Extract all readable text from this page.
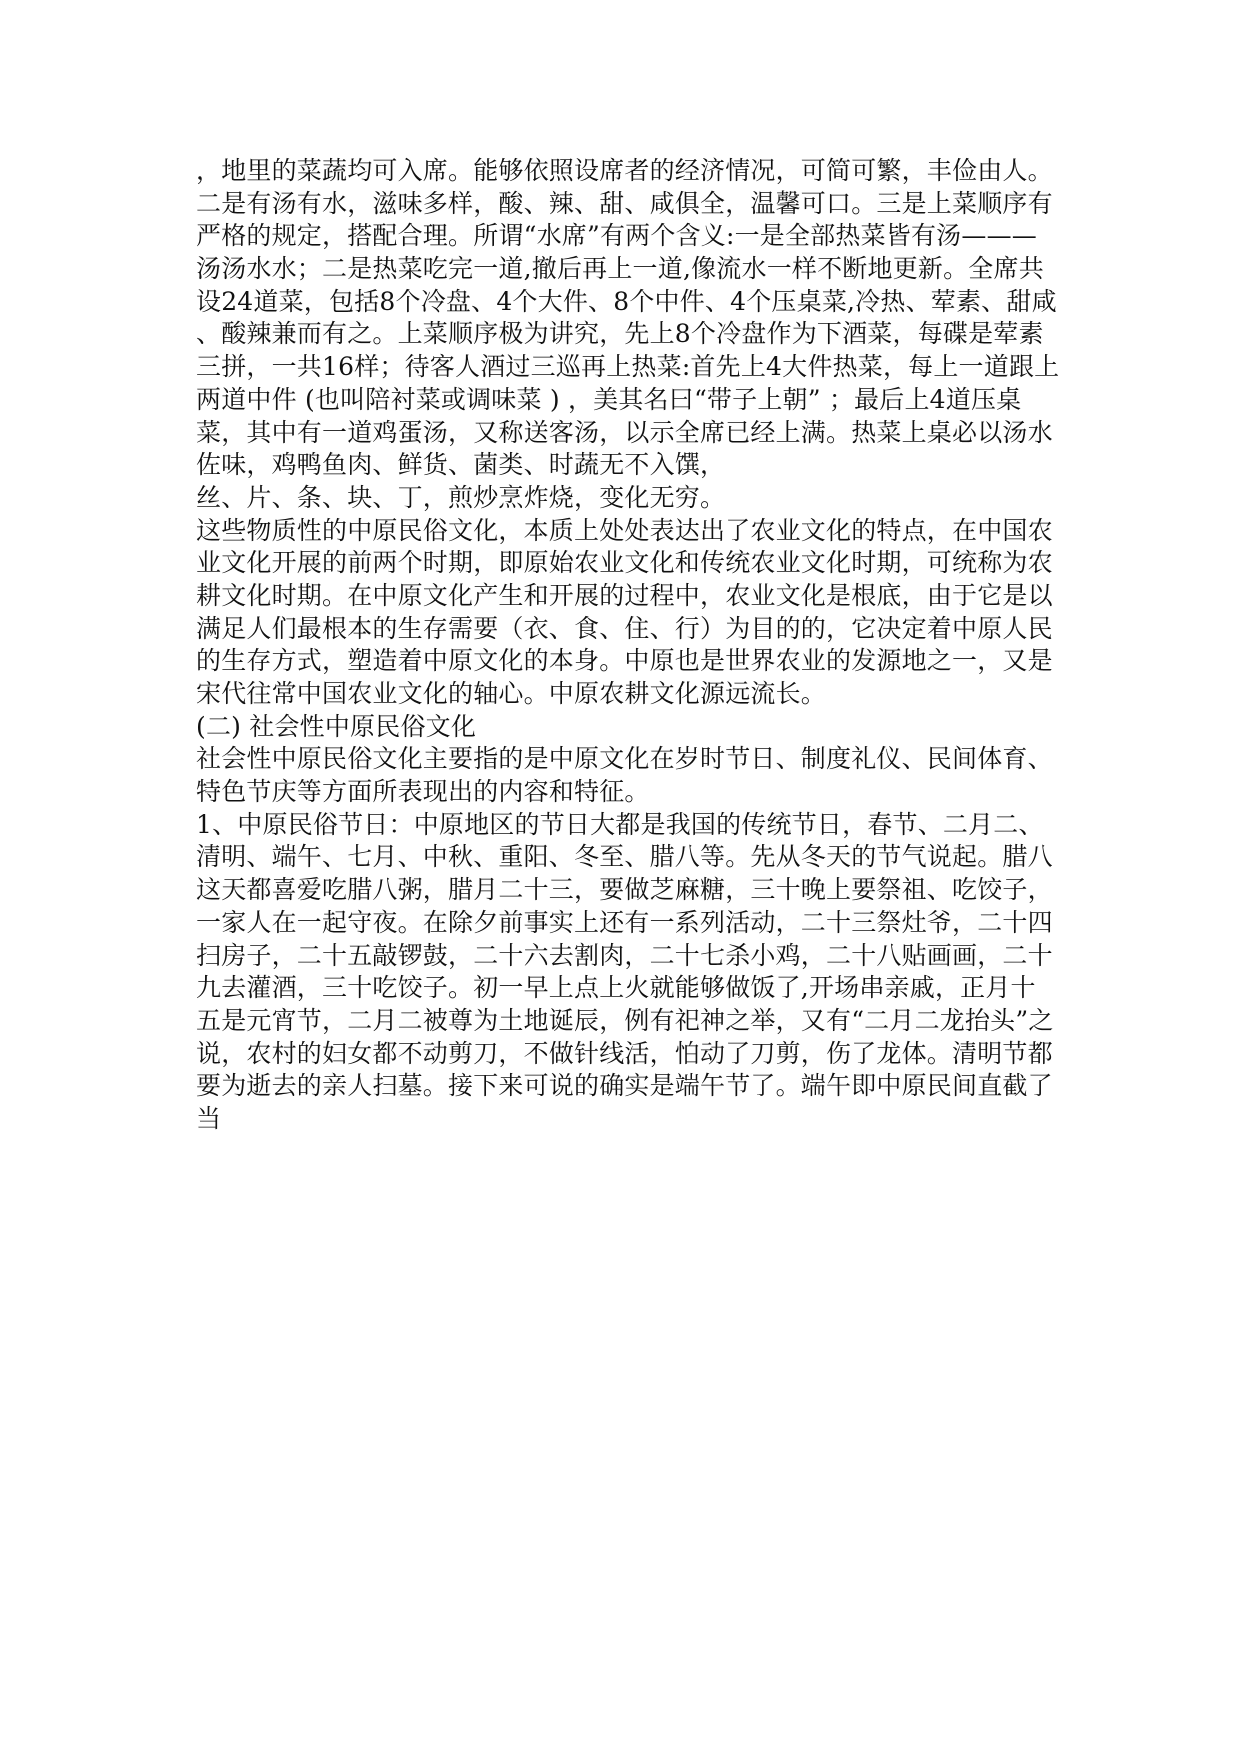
，地里的菜蔬均可入席。能够依照设席者的经济情况，可简可繁，丰俭由人。
二是有汤有水，滋味多样，酸、辣、甜、咸俱全，温馨可口。三是上菜顺序有
严格的规定，搭配合理。所谓“水席”有两个含义:一是全部热菜皆有汤———
汤汤水水；二是热菜吃完一道,撤后再上一道,像流水一样不断地更新。全席共
设24道菜，包括8个冷盘、4个大件、8个中件、4个压桌菜,冷热、荤素、甜咸
、酸辣兼而有之。上菜顺序极为讲究，先上8个冷盘作为下酒菜，每碟是荤素
三拼，一共16样；待客人酒过三巡再上热菜:首先上4大件热菜，每上一道跟上
两道中件 (也叫陪衬菜或调味菜 ) ，美其名曰“带子上朝” ；最后上4道压桌
菜，其中有一道鸡蛋汤，又称送客汤，以示全席已经上满。热菜上桌必以汤水
佐味，鸡鸭鱼肉、鲜货、菌类、时蔬无不入馔，
丝、片、条、块、丁，煎炒烹炸烧，变化无穷。
这些物质性的中原民俗文化，本质上处处表达出了农业文化的特点，在中国农
业文化开展的前两个时期，即原始农业文化和传统农业文化时期，可统称为农
耕文化时期。在中原文化产生和开展的过程中，农业文化是根底，由于它是以
满足人们最根本的生存需要（衣、食、住、行）为目的的，它决定着中原人民
的生存方式，塑造着中原文化的本身。中原也是世界农业的发源地之一，又是
宋代往常中国农业文化的轴心。中原农耕文化源远流长。
(二) 社会性中原民俗文化
社会性中原民俗文化主要指的是中原文化在岁时节日、制度礼仪、民间体育、
特色节庆等方面所表现出的内容和特征。
1、中原民俗节日：中原地区的节日大都是我国的传统节日，春节、二月二、
清明、端午、七月、中秋、重阳、冬至、腊八等。先从冬天的节气说起。腊八
这天都喜爱吃腊八粥，腊月二十三，要做芝麻糖，三十晚上要祭祖、吃饺子，
一家人在一起守夜。在除夕前事实上还有一系列活动，二十三祭灶爷，二十四
扫房子，二十五敲锣鼓，二十六去割肉，二十七杀小鸡，二十八贴画画，二十
九去灌酒，三十吃饺子。初一早上点上火就能够做饭了,开场串亲戚，正月十
五是元宵节，二月二被尊为土地诞辰，例有祀神之举，又有“二月二龙抬头”之
说，农村的妇女都不动剪刀，不做针线活，怕动了刀剪，伤了龙体。清明节都
要为逝去的亲人扫墓。接下来可说的确实是端午节了。端午即中原民间直截了
当
